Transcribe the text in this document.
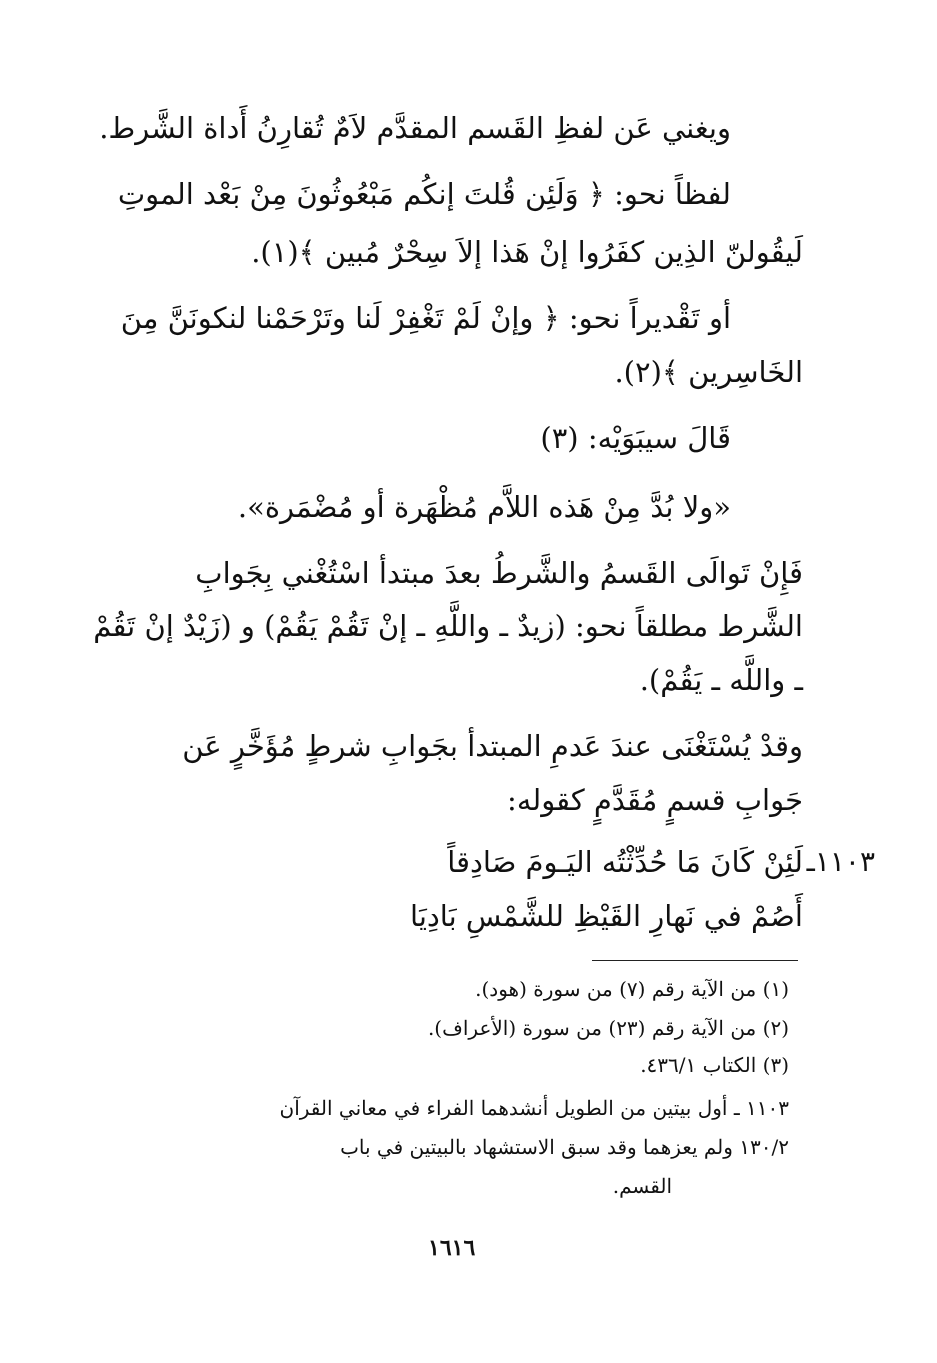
ويغني عَن لفظِ القَسم المقدَّم لاَمٌ تُقارِنُ أَداة الشَّرط.
لفظاً نحو: ﴿ وَلَئِن قُلتَ إنكُم مَبْعُوثُونَ مِنْ بَعْد الموتِ
لَيقُولنّ الذِين كفَرُوا إنْ هَذا إلاَ سِحْرٌ مُبين ﴾(١).
أو تَقْديراً نحو: ﴿ وإنْ لَمْ تَغْفِرْ لَنا وتَرْحَمْنا لنكونَنَّ مِنَ
الخَاسِرين ﴾(٢).
قَالَ سيبَوَيْه: (٣)
«ولا بُدَّ مِنْ هَذه اللاَّم مُظْهَرة أو مُضْمَرة».
فَإِنْ تَوالَى القَسمُ والشَّرطُ بعدَ مبتدأ اسْتُغْني بِجَوابِ
الشَّرط مطلقاً نحو: (زيدٌ ـ واللَّهِ ـ إنْ تَقُمْ يَقُمْ) و (زَيْدٌ إنْ تَقُمْ
ـ واللَّه ـ يَقُمْ).
وقدْ يُسْتَغْنَى عندَ عَدمِ المبتدأ بجَوابِ شرطٍ مُؤَخَّرٍ عَن
جَوابِ قسمٍ مُقَدَّمٍ كقوله:
١١٠٣ـ
لَئِنْ كَانَ مَا حُدِّثْتُه اليَـومَ صَادِقاً
أَصُمْ في نَهارِ القَيْظِ للشَّمْسِ بَادِيَا
(١) من الآية رقم (٧) من سورة (هود).
(٢) من الآية رقم (٢٣) من سورة (الأعراف).
(٣) الكتاب ٤٣٦/١.
١١٠٣ ـ أول بيتين من الطويل أنشدهما الفراء في معاني القرآن
١٣٠/٢ ولم يعزهما وقد سبق الاستشهاد بالبيتين في باب
القسم.
١٦١٦
